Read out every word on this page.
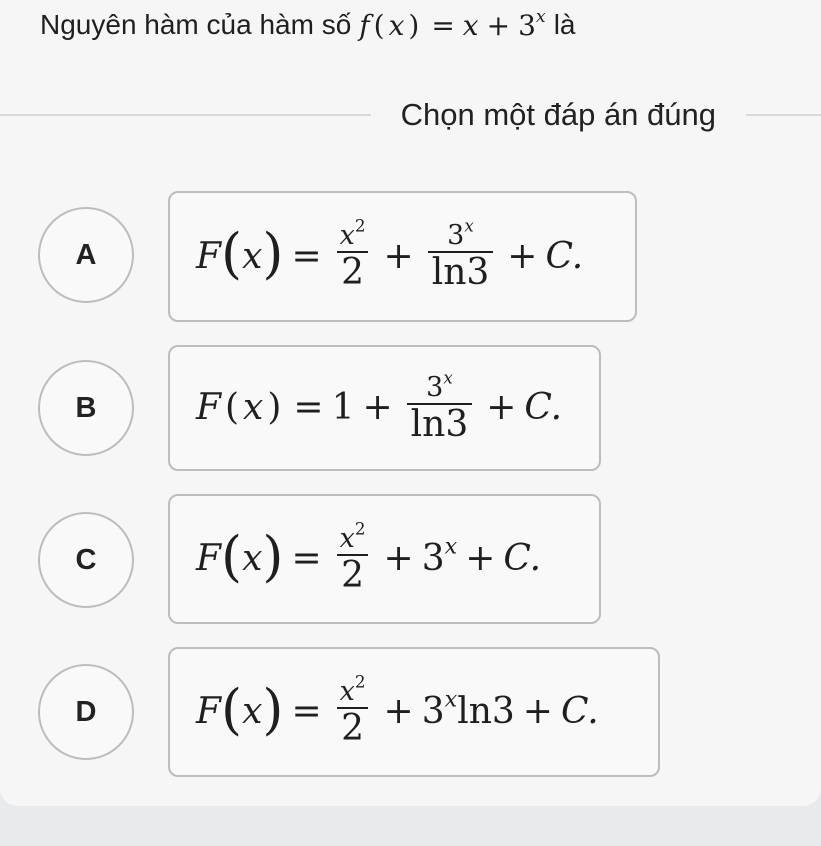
Nguyên hàm của hàm số f ( x ) = $x + 3^x$ là
Chọn một đáp án đúng
A	F ( x ) = $\frac{x^2}{2} + \frac{3^x}{\ln 3} + C$.
B	F ( x ) = $1 + \frac{3^x}{\ln 3} + C$.
C	F ( x ) = $\frac{x^2}{2} + 3^x + C$.
D	F ( x ) = $\frac{x^2}{2} + 3^x$ ln3 + C.
